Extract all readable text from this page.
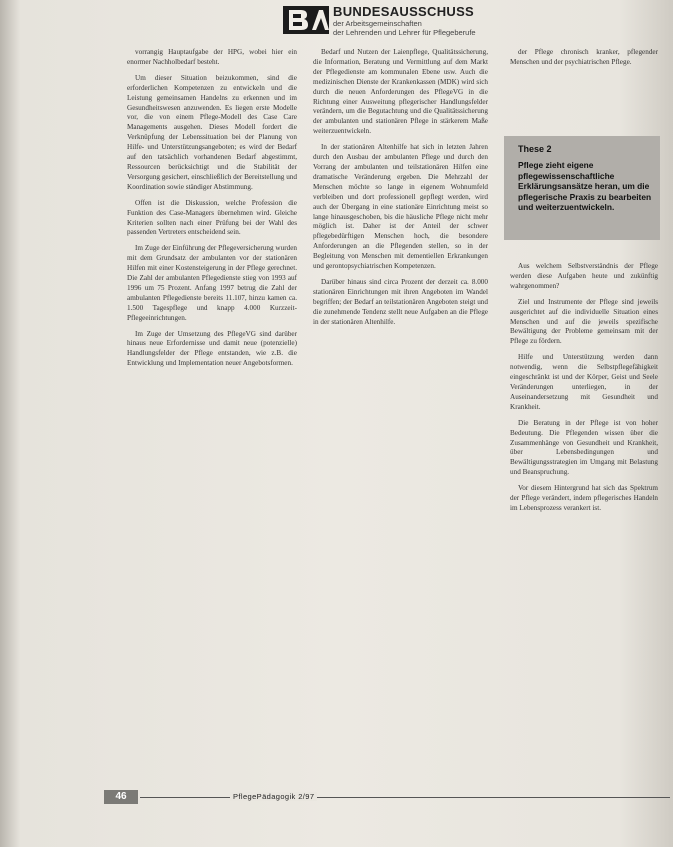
BUNDESAUSSCHUSS
der Arbeitsgemeinschaften
der Lehrenden und Lehrer für Pflegeberufe

vorrangig Hauptaufgabe der HPG, wobei hier ein enormer Nachholbedarf besteht.

Um dieser Situation beizukommen, sind die erforderlichen Kompetenzen zu entwickeln und die Leistung gemeinsamen Handelns zu erkennen und im Gesundheitswesen anzuwenden. Es liegen erste Modelle vor, die von einem Pflege-Modell des Case Care Managements ausgehen. Dieses Modell fordert die Verknüpfung der Lebenssituation bei der Planung von Hilfe- und Unterstützungsangeboten; es wird der Bedarf auf den tatsächlich vorhandenen Bedarf abgestimmt, Ressourcen berücksichtigt und die Stabilität der Versorgung gesichert, einschließlich der Bereitstellung und Koordination sowie ständiger Abstimmung.

Offen ist die Diskussion, welche Profession die Funktion des Case-Managers übernehmen wird. Gleiche Kriterien sollten nach einer Prüfung bei der Wahl des passenden Vertreters entscheidend sein.

Im Zuge der Einführung der Pflegeversicherung wurden mit dem Grundsatz der ambulanten vor der stationären Hilfen mit einer Kostensteigerung in der Pflege gerechnet. Die Zahl der ambulanten Pflegedienste stieg von 1993 auf 1996 um 75 Prozent. Anfang 1997 betrug die Zahl der ambulanten Pflegedienste bereits 11.107, hinzu kamen ca. 1.500 Tagespflege und knapp 4.000 Kurzzeit-Pflegeeinrichtungen.

Im Zuge der Umsetzung des PflegeVG sind darüber hinaus neue Erfordernisse und damit neue (potenzielle) Handlungsfelder der Pflege entstanden, wie z.B. die Entwicklung und Implementation neuer Angebotsformen.

Bedarf und Nutzen der Laienpflege, Qualitätssicherung, die Information, Beratung und Vermittlung auf dem Markt der Pflegedienste am kommunalen Ebene usw. Auch die medizinischen Dienste der Krankenkassen (MDK) wird sich durch die neuen Anforderungen des PflegeVG in die Richtung einer Ausweitung pflegerischer Handlungsfelder verändern, um die Begutachtung und die Qualitätssicherung der ambulanten und stationären Pflege in stärkerem Maße weiterzuentwickeln.

In der stationären Altenhilfe hat sich in letzten Jahren durch den Ausbau der ambulanten Pflege und durch den Vorrang der ambulanten und teilstationären Hilfen eine dramatische Veränderung ergeben. Die Mehrzahl der Menschen möchte so lange in eigenem Wohnumfeld verbleiben und dort professionell gepflegt werden, wird auch der Übergang in eine stationäre Einrichtung meist so lange hinausgeschoben, bis die häusliche Pflege nicht mehr möglich ist. Daher ist der Anteil der schwer pflegebedürftigen Menschen hoch, die besondere Anforderungen an die Pflegenden stellen, so in der Begleitung von Menschen mit dementiellen Erkrankungen und gerontopsychiatrischen Kompetenzen.

Darüber hinaus sind circa Prozent der derzeit ca. 8.000 stationären Einrichtungen mit ihren Angeboten im Wandel begriffen; der Bedarf an teilstationären Angeboten steigt und die zunehmende Tendenz stellt neue Aufgaben an die Pflege in der stationären Altenhilfe.

der Pflege chronisch kranker, pflegender Menschen und der psychiatrischen Pflege.

These 2
Pflege zieht eigene pflegewissenschaftliche Erklärungsansätze heran, um die pflegerische Praxis zu bearbeiten und weiterzuentwickeln.

Aus welchem Selbstverständnis der Pflege werden diese Aufgaben heute und zukünftig wahrgenommen?

Ziel und Instrumente der Pflege sind jeweils ausgerichtet auf die individuelle Situation eines Menschen und auf die jeweils spezifische Bewältigung der Probleme gemeinsam mit der Pflege zu fördern.

Hilfe und Unterstützung werden dann notwendig, wenn die Selbstpflegefähigkeit eingeschränkt ist und der Körper, Geist und Seele Veränderungen unterliegen, in der Auseinandersetzung mit Gesundheit und Krankheit.

Die Beratung in der Pflege ist von hoher Bedeutung. Die Pflegenden wissen über die Zusammenhänge von Gesundheit und Krankheit, über Lebensbedingungen und Bewältigungsstrategien im Umgang mit Belastung und Beanspruchung.

Vor diesem Hintergrund hat sich das Spektrum der Pflege verändert, indem pflegerisches Handeln im Lebensprozess verankert ist.

46	PflegePädagogik 2/97
